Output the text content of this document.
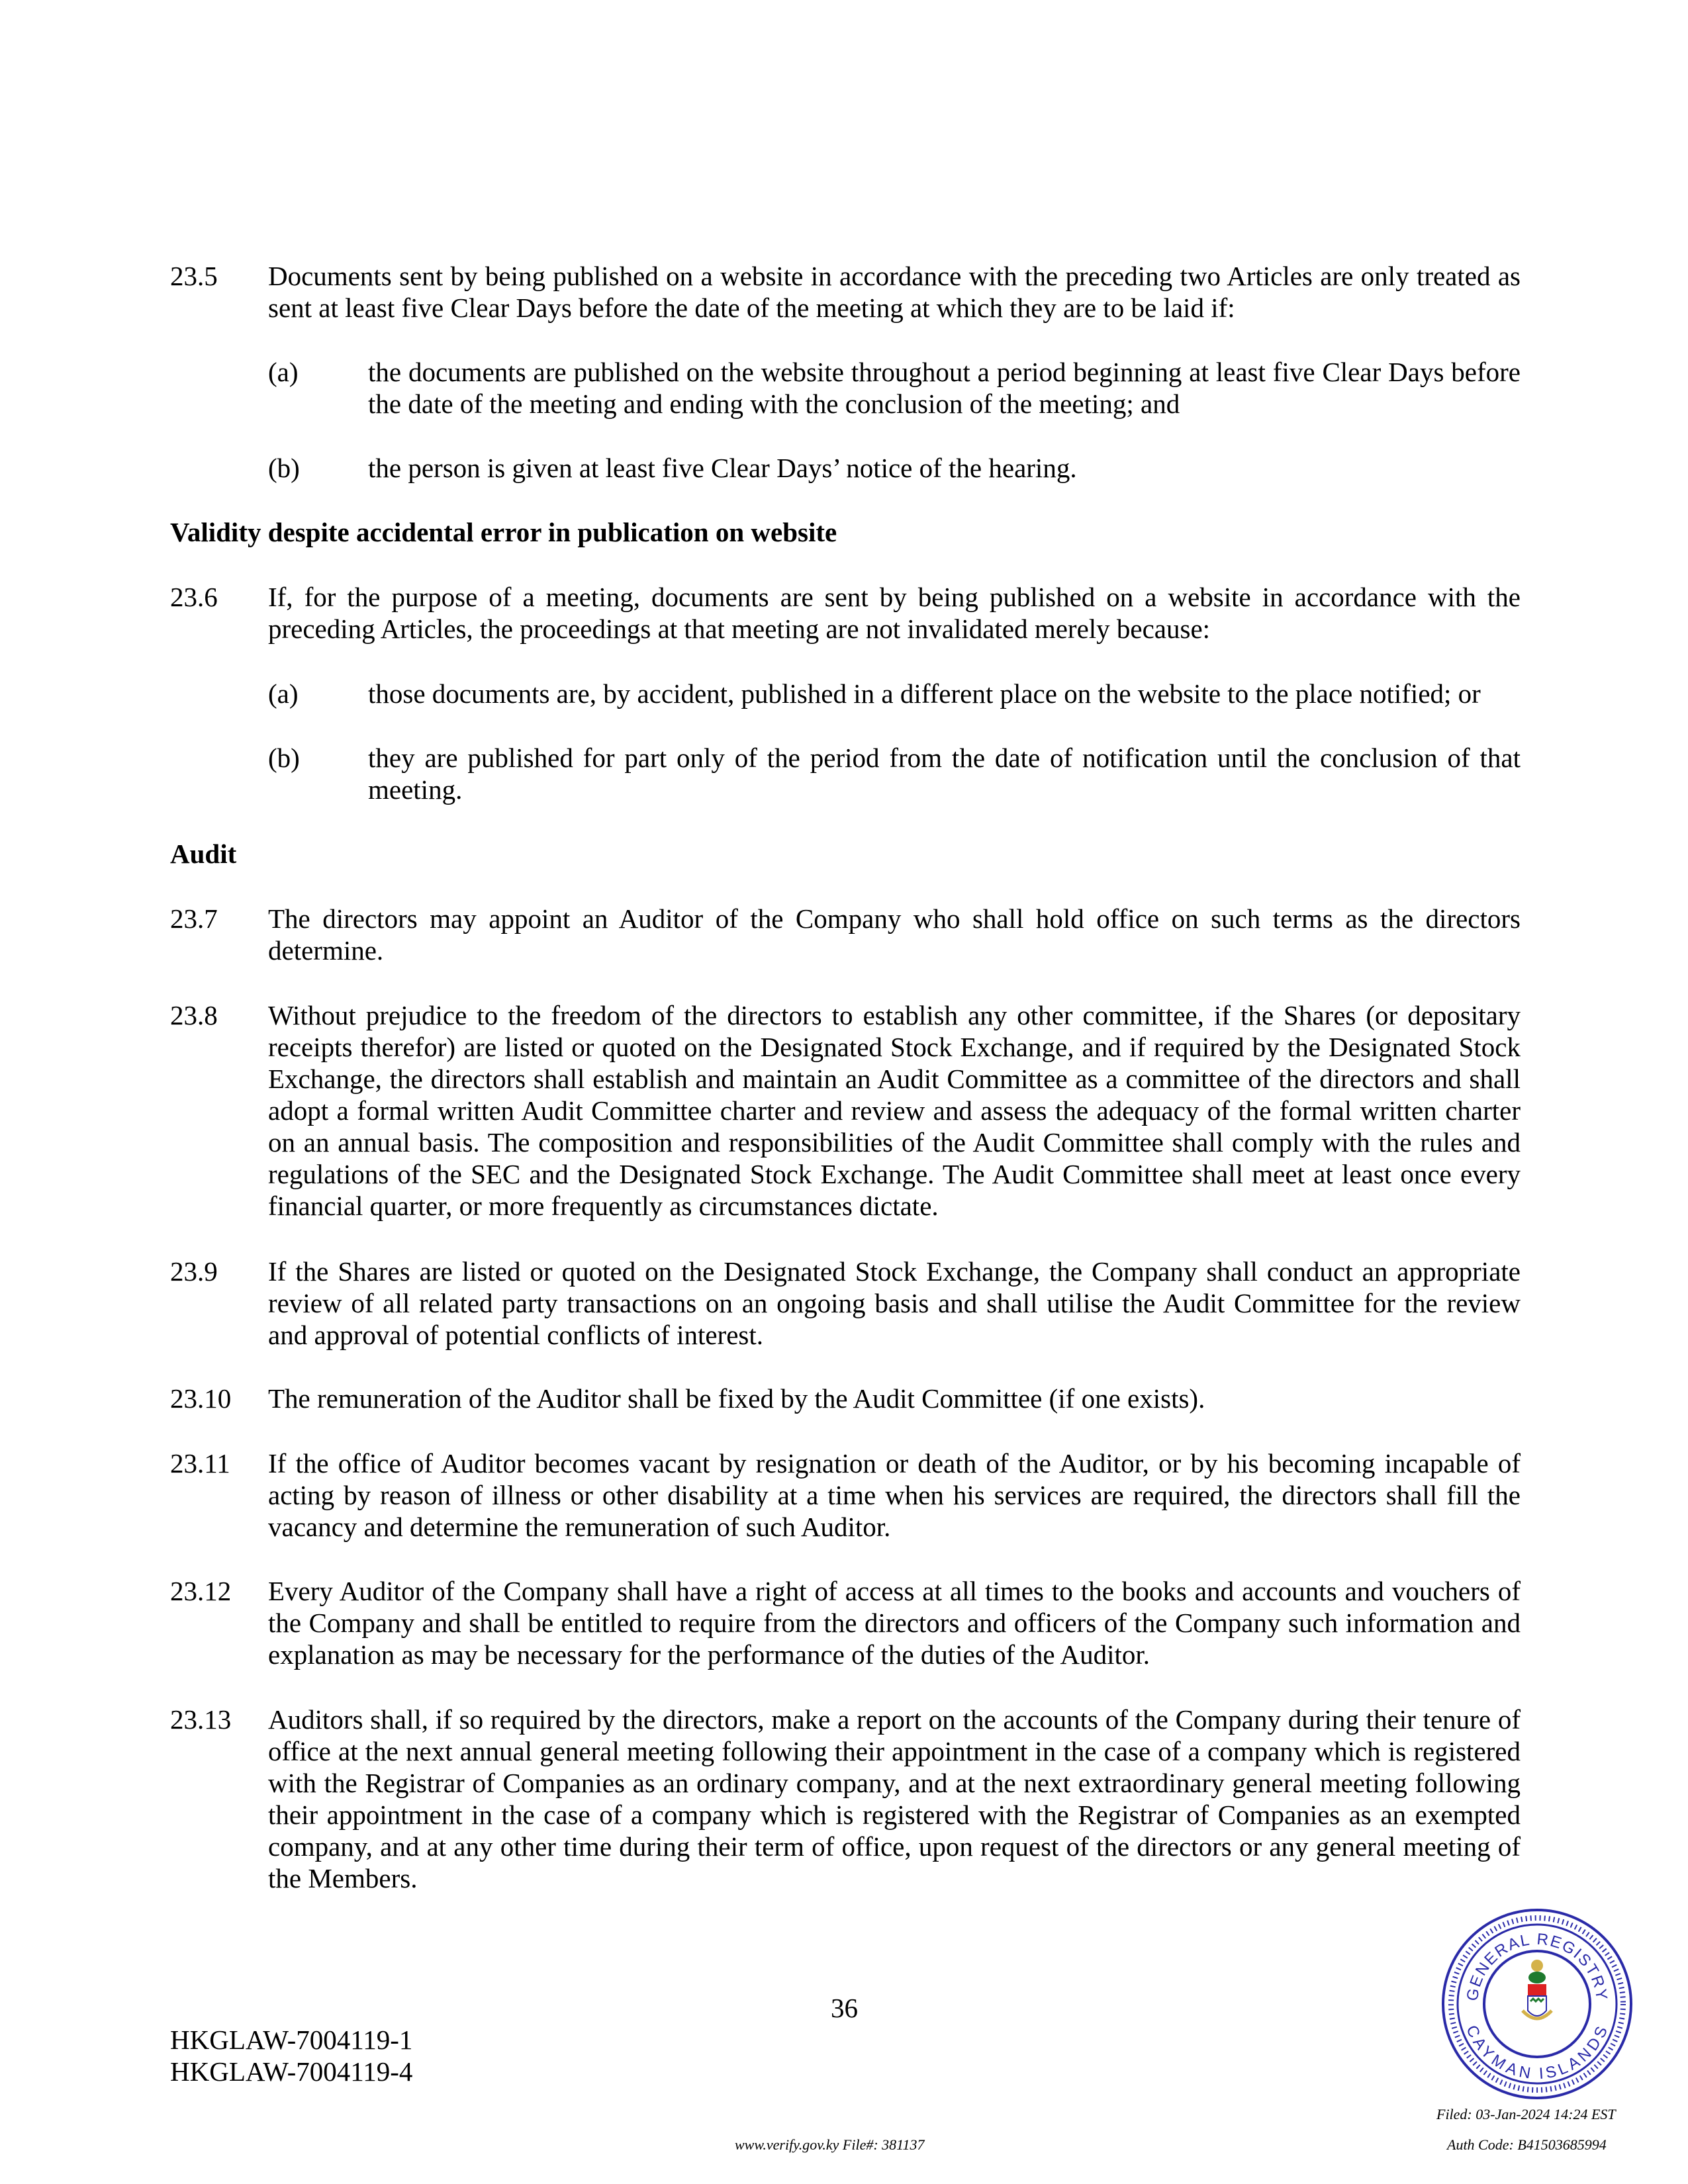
23.5 Documents sent by being published on a website in accordance with the preceding two Articles are only treated as sent at least five Clear Days before the date of the meeting at which they are to be laid if:
(a)	the documents are published on the website throughout a period beginning at least five Clear Days before the date of the meeting and ending with the conclusion of the meeting; and
(b)	the person is given at least five Clear Days’ notice of the hearing.
Validity despite accidental error in publication on website
23.6 If, for the purpose of a meeting, documents are sent by being published on a website in accordance with the preceding Articles, the proceedings at that meeting are not invalidated merely because:
(a)	those documents are, by accident, published in a different place on the website to the place notified; or
(b)	they are published for part only of the period from the date of notification until the conclusion of that meeting.
Audit
23.7 The directors may appoint an Auditor of the Company who shall hold office on such terms as the directors determine.
23.8 Without prejudice to the freedom of the directors to establish any other committee, if the Shares (or depositary receipts therefor) are listed or quoted on the Designated Stock Exchange, and if required by the Designated Stock Exchange, the directors shall establish and maintain an Audit Committee as a committee of the directors and shall adopt a formal written Audit Committee charter and review and assess the adequacy of the formal written charter on an annual basis. The composition and responsibilities of the Audit Committee shall comply with the rules and regulations of the SEC and the Designated Stock Exchange. The Audit Committee shall meet at least once every financial quarter, or more frequently as circumstances dictate.
23.9 If the Shares are listed or quoted on the Designated Stock Exchange, the Company shall conduct an appropriate review of all related party transactions on an ongoing basis and shall utilise the Audit Committee for the review and approval of potential conflicts of interest.
23.10 The remuneration of the Auditor shall be fixed by the Audit Committee (if one exists).
23.11 If the office of Auditor becomes vacant by resignation or death of the Auditor, or by his becoming incapable of acting by reason of illness or other disability at a time when his services are required, the directors shall fill the vacancy and determine the remuneration of such Auditor.
23.12 Every Auditor of the Company shall have a right of access at all times to the books and accounts and vouchers of the Company and shall be entitled to require from the directors and officers of the Company such information and explanation as may be necessary for the performance of the duties of the Auditor.
23.13 Auditors shall, if so required by the directors, make a report on the accounts of the Company during their tenure of office at the next annual general meeting following their appointment in the case of a company which is registered with the Registrar of Companies as an ordinary company, and at the next extraordinary general meeting following their appointment in the case of a company which is registered with the Registrar of Companies as an exempted company, and at any other time during their term of office, upon request of the directors or any general meeting of the Members.
36
HKGLAW-7004119-1
HKGLAW-7004119-4
GENERAL REGISTRY
CAYMAN ISLANDS
Filed: 03-Jan-2024 14:24 EST
Auth Code: B41503685994
www.verify.gov.ky File#: 381137
